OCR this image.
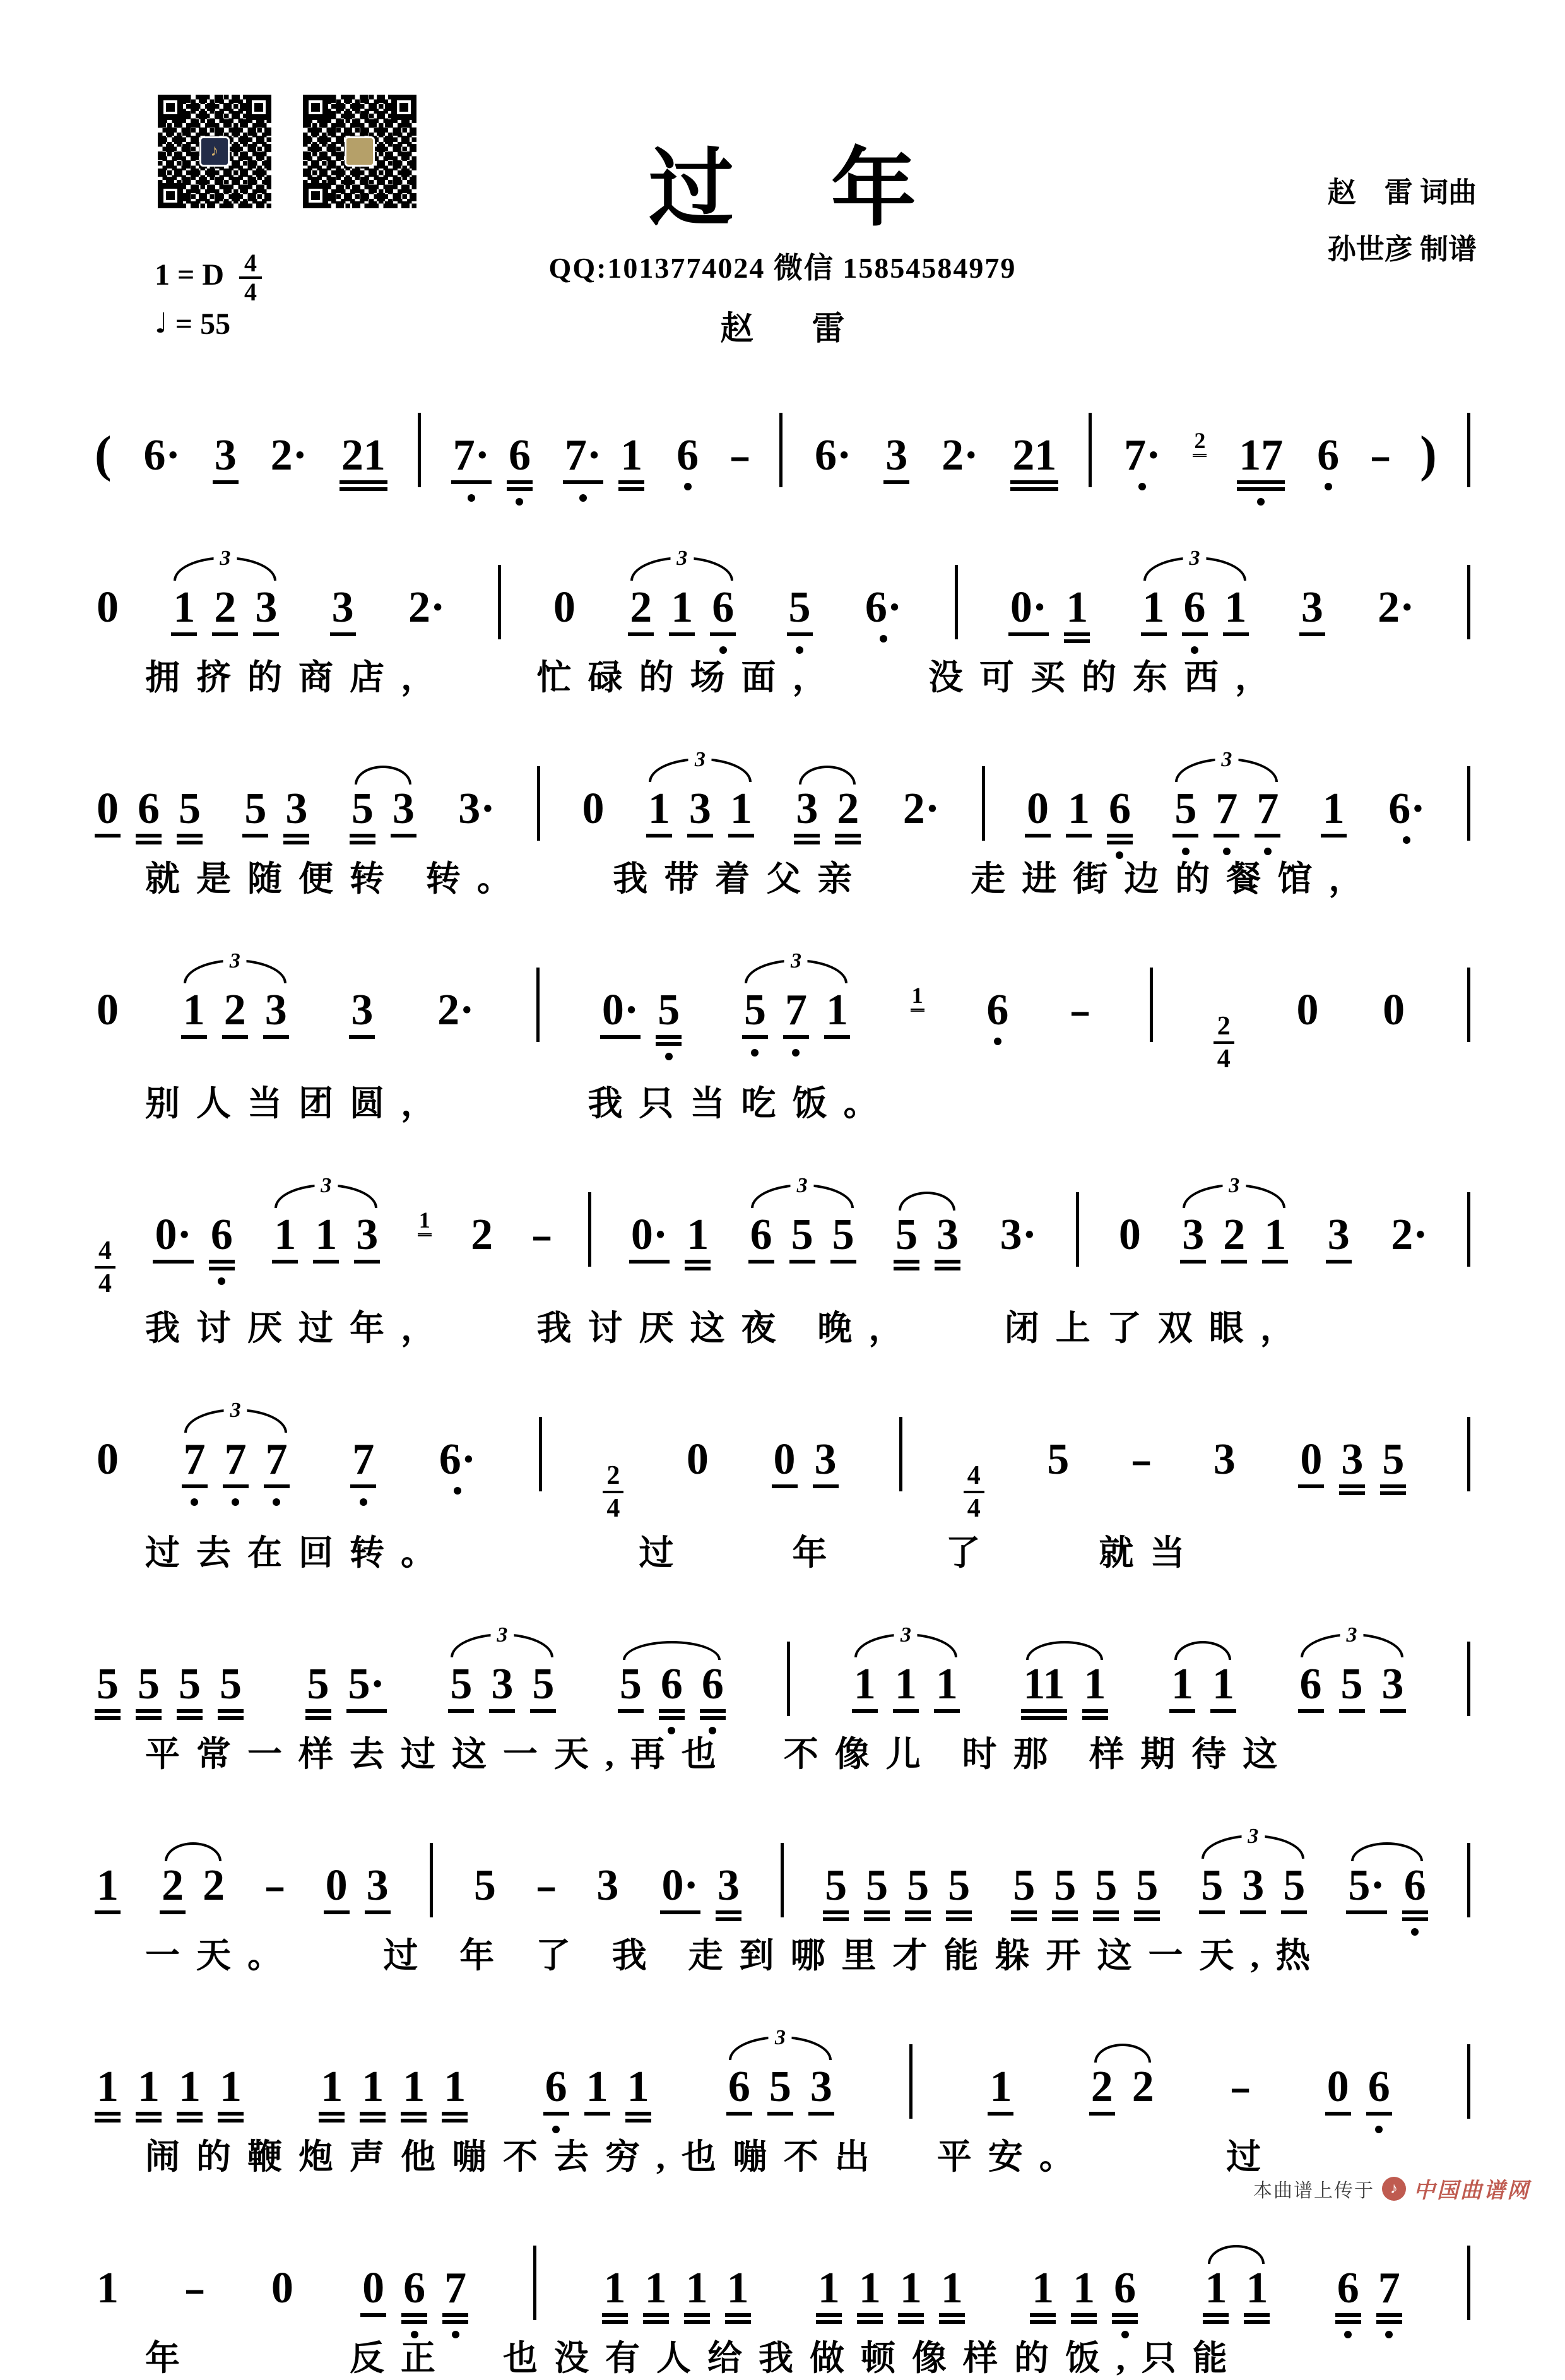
♪	过 年	赵　雷 词曲
孙世彦 制谱
QQ:1013774024 微信 15854584979
赵 雷
1 = D $\frac{4}{4}$
♩ = 55
( 6· 3 2· 21 7· 6 7· 1 6 - 6· 3 2· 21 7· 2 17 6 - )
0
3
1 2 3 3 2· 0
3
2 1 6 5 6· 0· 1
3
1 6 1 3 2·
拥挤的商店，　　忙碌的场面，　　没可买的东西，
0 6 5 5 3 5 3 3· 0
3
1 3 1 3 2 2· 0 1 6
3
5 7 7 1 6·
就是随便转 转。　　我带着父亲　　走进街边的餐馆，
0
3
1 2 3 3 2·	0· 5
3
5 7 1	1 6 -	2
4
0 0
别人当团圆，　　　我只当吃饭。
4
4
0· 6
3
1 1 3 1 2 - 0· 1
3
6 5 5 5 3 3· 0
3
3 2 1 3 2·
我讨厌过年，　　我讨厌这夜 晚，　　闭上了双眼，
0
3
7 7 7 7 6·	2
4
0 0 3	4
4
5 - 3 0 3 5
过去在回转。　　　　过　　年　　了　　就当
5 5 5 5 5 5·
3
5 3 5 5 6 6
3
1 1 1 11 1 1 1
3
6 5 3
平常一样去过这一天,再也　不像儿 时那 样期待这
1 2 2 - 0 3 5 - 3 0· 3 5 5 5 5 5 5 5 5
3
5 3 5 5· 6
一天。　　过 年 了 我 走到哪里才能躲开这一天,热
1 1 1 1 1 1 1 1 6 1 1
3
6 5 3	1 2 2 - 0 6
闹的鞭炮声他嘣不去穷,也嘣不出　平安。　　　过
1 - 0 0 6 7	1 1 1 1 1 1 1 1 1 1 6 1 1 6 7
年　　　反正　也没有人给我做顿像样的饭,只能
本曲谱上传于	♪ 中国曲谱网
